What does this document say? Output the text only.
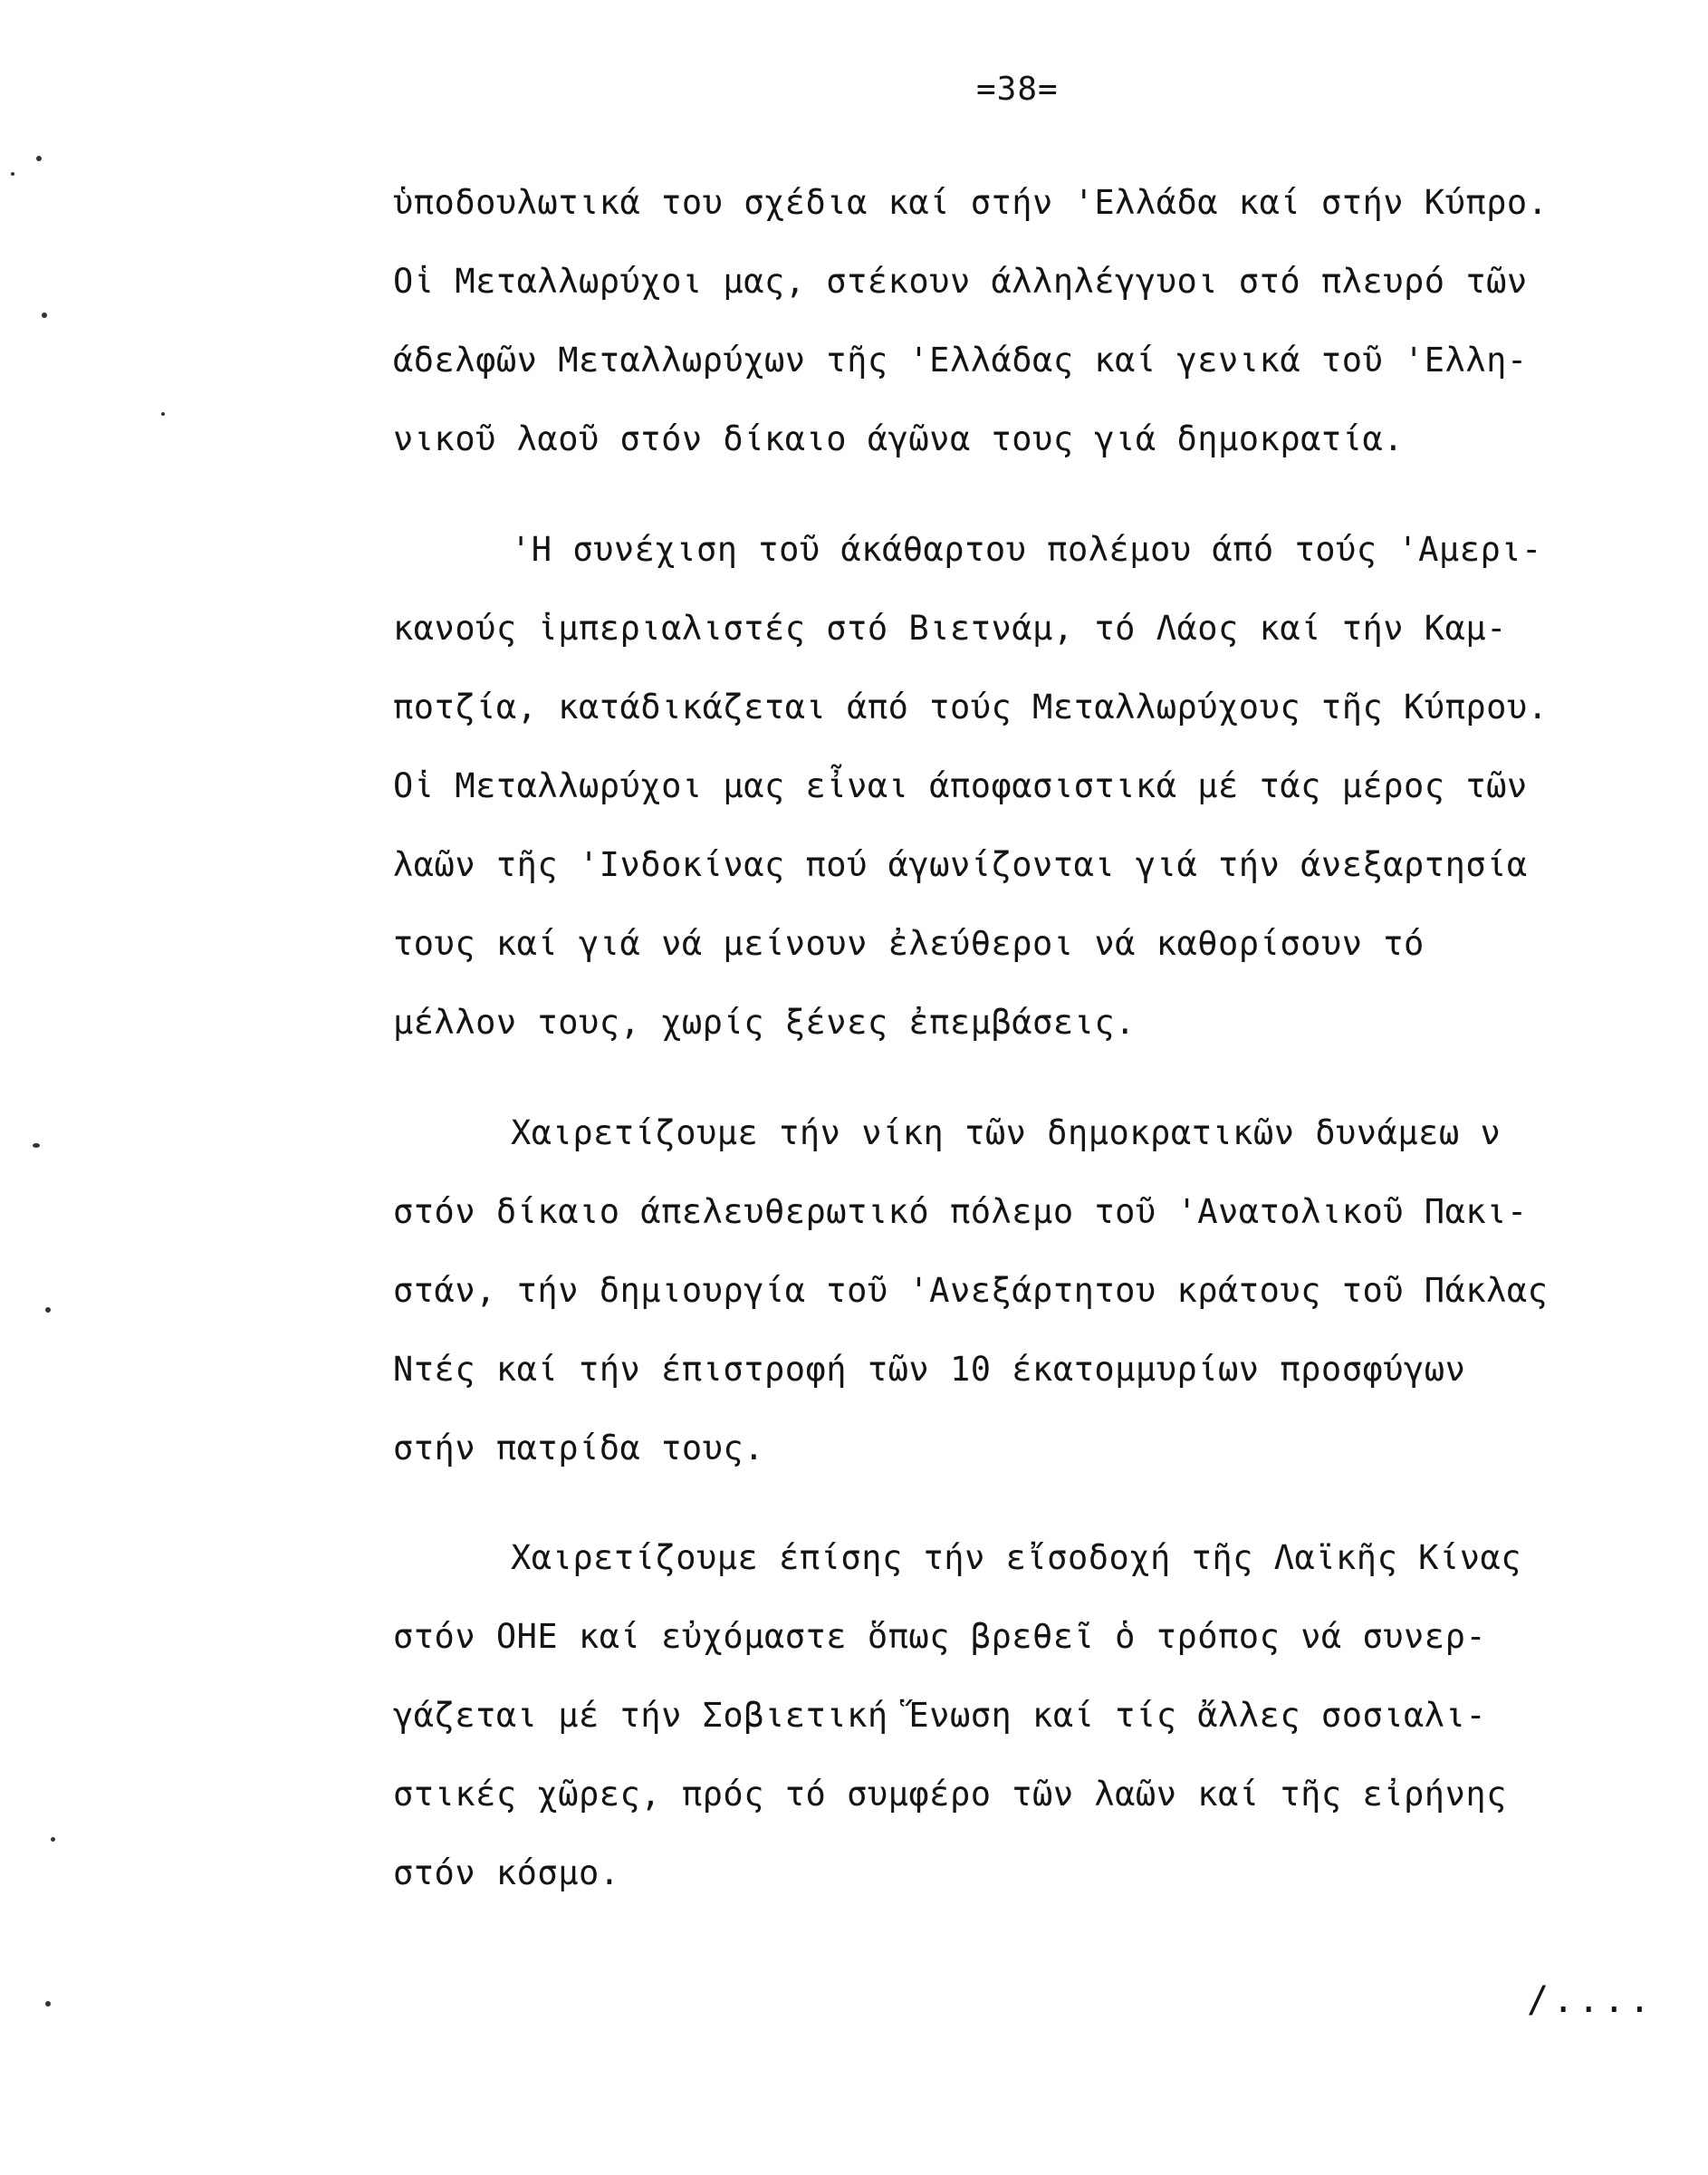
=38=
ὑποδουλωτικά του σχέδια καί στήν 'Ελλάδα καί στήν Κύπρο.
Οἱ Μεταλλωρύχοι μας, στέκουν άλληλέγγυοι στό πλευρό τῶν
άδελφῶν Μεταλλωρύχων τῆς 'Ελλάδας καί γενικά τοῦ 'Ελλη-
νικοῦ λαοῦ στόν δίκαιο άγῶνα τους γιά δημοκρατία.
'Η συνέχιση τοῦ άκάθαρτου πολέμου άπό τούς 'Αμερι-
κανούς ἱμπεριαλιστές στό Βιετνάμ, τό Λάος καί τήν Καμ-
ποτζία, κατάδικάζεται άπό τούς Μεταλλωρύχους τῆς Κύπρου.
Οἱ Μεταλλωρύχοι μας εἶναι άποφασιστικά μέ τάς μέρος τῶν
λαῶν τῆς 'Ινδοκίνας πού άγωνίζονται γιά τήν άνεξαρτησία
τους καί γιά νά μείνουν ἐλεύθεροι νά καθορίσουν τό
μέλλον τους, χωρίς ξένες ἐπεμβάσεις.
Χαιρετίζουμε τήν νίκη τῶν δημοκρατικῶν δυνάμεω ν
στόν δίκαιο άπελευθερωτικό πόλεμο τοῦ 'Ανατολικοῦ Πακι-
στάν, τήν δημιουργία τοῦ 'Ανεξάρτητου κράτους τοῦ Πάκλας
Ντές καί τήν έπιστροφή τῶν 10 έκατομμυρίων προσφύγων
στήν πατρίδα τους.
Χαιρετίζουμε έπίσης τήν εἴσοδοχή τῆς Λαϊκῆς Κίνας
στόν ΟΗΕ καί εὐχόμαστε ὅπως βρεθεῖ ὁ τρόπος νά συνερ-
γάζεται μέ τήν Σοβιετική Ἕνωση καί τίς ἄλλες σοσιαλι-
στικές χῶρες, πρός τό συμφέρο τῶν λαῶν καί τῆς εἰρήνης
στόν κόσμο.
/....
